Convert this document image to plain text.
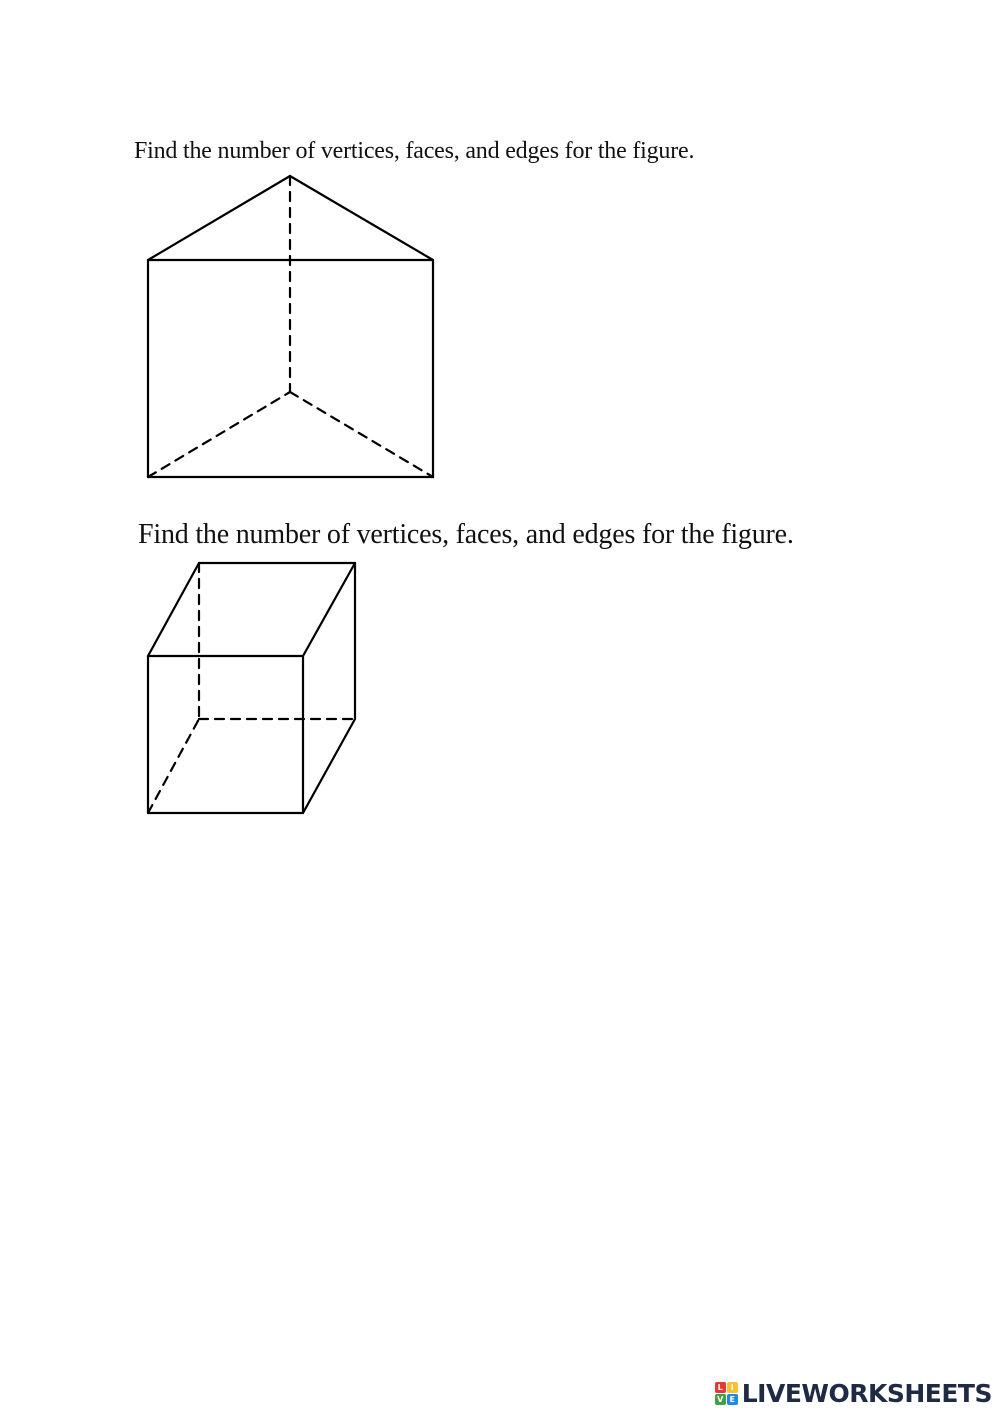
Find the number of vertices, faces, and edges for the figure.
Find the number of vertices, faces, and edges for the figure.
L I
V E LIVEWORKSHEETS
